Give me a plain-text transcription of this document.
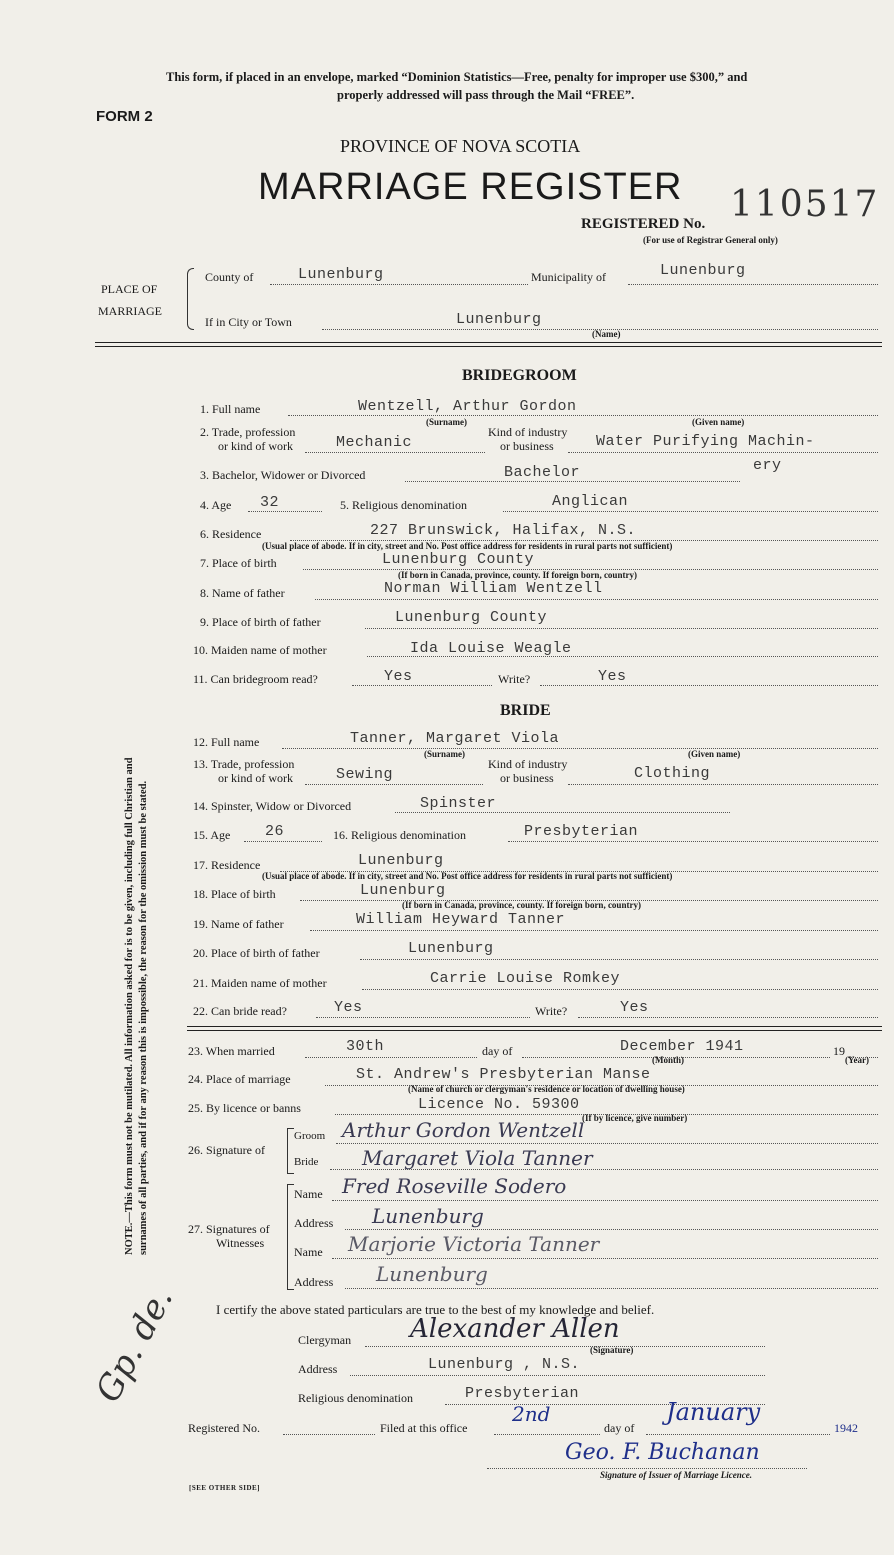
This form, if placed in an envelope, marked “Dominion Statistics—Free, penalty for improper use $300,” and
properly addressed will pass through the Mail “FREE”.
FORM 2
PROVINCE OF NOVA SCOTIA
MARRIAGE REGISTER
REGISTERED No. 110517
(For use of Registrar General only)
PLACE OF
MARRIAGE
County of	Lunenburg	Municipality of	Lunenburg
If in City or Town	Lunenburg
(Name)
BRIDEGROOM
1. Full name	Wentzell, Arthur Gordon
(Surname)	(Given name)
2. Trade, profession
or kind of work	Mechanic
Kind of industry
or business	Water Purifying Machin-
ery
3. Bachelor, Widower or Divorced	Bachelor
4. Age 32	5. Religious denomination	Anglican
6. Residence	227 Brunswick, Halifax, N.S.
(Usual place of abode. If in city, street and No. Post office address for residents in rural parts not sufficient)
7. Place of birth	Lunenburg County
(If born in Canada, province, county. If foreign born, country)
8. Name of father	Norman William Wentzell
9. Place of birth of father	Lunenburg County
10. Maiden name of mother	Ida Louise Weagle
11. Can bridegroom read?	Yes	Write?	Yes
BRIDE
12. Full name	Tanner, Margaret Viola
(Surname)	(Given name)
13. Trade, profession
or kind of work	Sewing
Kind of industry
or business	Clothing
14. Spinster, Widow or Divorced	Spinster
15. Age 26	16. Religious denomination	Presbyterian
17. Residence	Lunenburg
(Usual place of abode. If in city, street and No. Post office address for residents in rural parts not sufficient)
18. Place of birth	Lunenburg
(If born in Canada, province, county. If foreign born, country)
19. Name of father	William Heyward Tanner
20. Place of birth of father	Lunenburg
21. Maiden name of mother	Carrie Louise Romkey
22. Can bride read?	Yes	Write?	Yes
23. When married	30th	day of	December 1941	19
(Month)	(Year)
24. Place of marriage	St. Andrew's Presbyterian Manse
(Name of church or clergyman's residence or location of dwelling house)
25. By licence or banns	Licence No. 59300
(If by licence, give number)
26. Signature of
Groom Arthur Gordon Wentzell
Bride Margaret Viola Tanner
27. Signatures of
Witnesses
Name Fred Roseville Sodero
Address Lunenburg
Name Marjorie Victoria Tanner
Address Lunenburg
I certify the above stated particulars are true to the best of my knowledge and belief.
Clergyman Alexander Allen
(Signature)
Address	Lunenburg , N.S.
Religious denomination	Presbyterian
Registered No.	Filed at this office
2nd
day of
January
1942
Geo. F. Buchanan
Signature of Issuer of Marriage Licence.
Gp. de.
[SEE OTHER SIDE]
NOTE.—This form must not be mutilated. All information asked for is to be given, including full Christian and surnames of all parties, and if for any reason this is impossible, the reason for the omission must be stated.
